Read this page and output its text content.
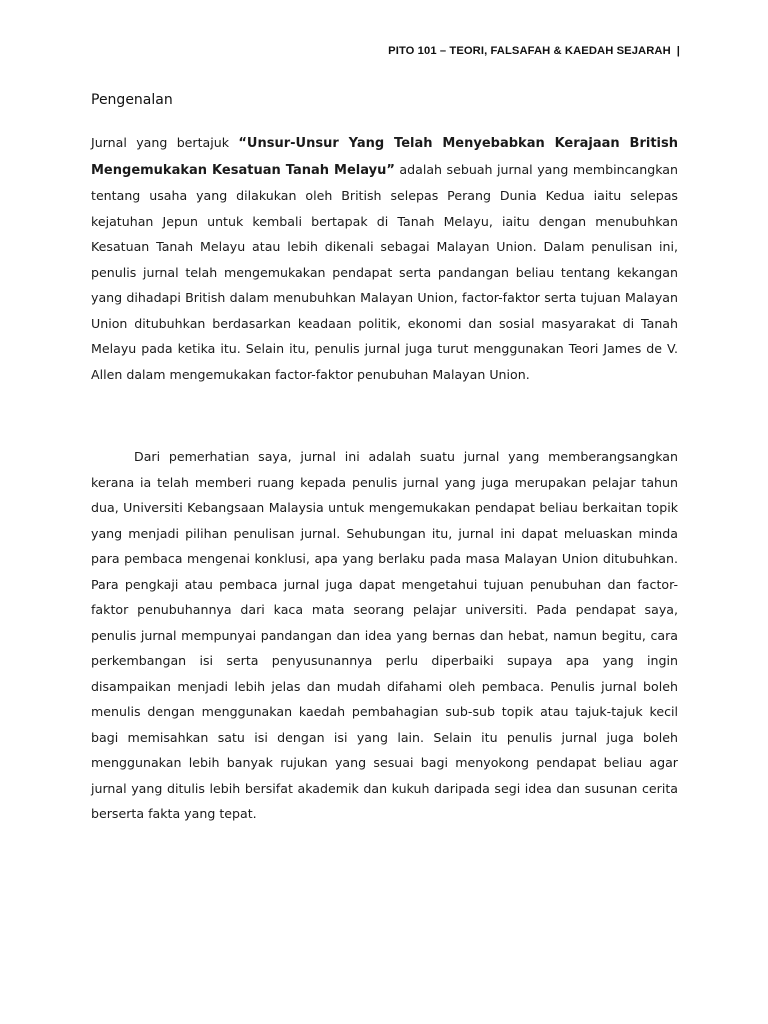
PITO 101 – TEORI, FALSAFAH & KAEDAH SEJARAH |
Pengenalan

Jurnal yang bertajuk “Unsur-Unsur Yang Telah Menyebabkan Kerajaan British Mengemukakan Kesatuan Tanah Melayu” adalah sebuah jurnal yang membincangkan tentang usaha yang dilakukan oleh British selepas Perang Dunia Kedua iaitu selepas kejatuhan Jepun untuk kembali bertapak di Tanah Melayu, iaitu dengan menubuhkan Kesatuan Tanah Melayu atau lebih dikenali sebagai Malayan Union. Dalam penulisan ini, penulis jurnal telah mengemukakan pendapat serta pandangan beliau tentang kekangan yang dihadapi British dalam menubuhkan Malayan Union, factor-faktor serta tujuan Malayan Union ditubuhkan berdasarkan keadaan politik, ekonomi dan sosial masyarakat di Tanah Melayu pada ketika itu. Selain itu, penulis jurnal juga turut menggunakan Teori James de V. Allen dalam mengemukakan factor-faktor penubuhan Malayan Union.

Dari pemerhatian saya, jurnal ini adalah suatu jurnal yang memberangsangkan kerana ia telah memberi ruang kepada penulis jurnal yang juga merupakan pelajar tahun dua, Universiti Kebangsaan Malaysia untuk mengemukakan pendapat beliau berkaitan topik yang menjadi pilihan penulisan jurnal. Sehubungan itu, jurnal ini dapat meluaskan minda para pembaca mengenai konklusi, apa yang berlaku pada masa Malayan Union ditubuhkan. Para pengkaji atau pembaca jurnal juga dapat mengetahui tujuan penubuhan dan factor-faktor penubuhannya dari kaca mata seorang pelajar universiti. Pada pendapat saya, penulis jurnal mempunyai pandangan dan idea yang bernas dan hebat, namun begitu, cara perkembangan isi serta penyusunannya perlu diperbaiki supaya apa yang ingin disampaikan menjadi lebih jelas dan mudah difahami oleh pembaca. Penulis jurnal boleh menulis dengan menggunakan kaedah pembahagian sub-sub topik atau tajuk-tajuk kecil bagi memisahkan satu isi dengan isi yang lain. Selain itu penulis jurnal juga boleh menggunakan lebih banyak rujukan yang sesuai bagi menyokong pendapat beliau agar jurnal yang ditulis lebih bersifat akademik dan kukuh daripada segi idea dan susunan cerita berserta fakta yang tepat.
